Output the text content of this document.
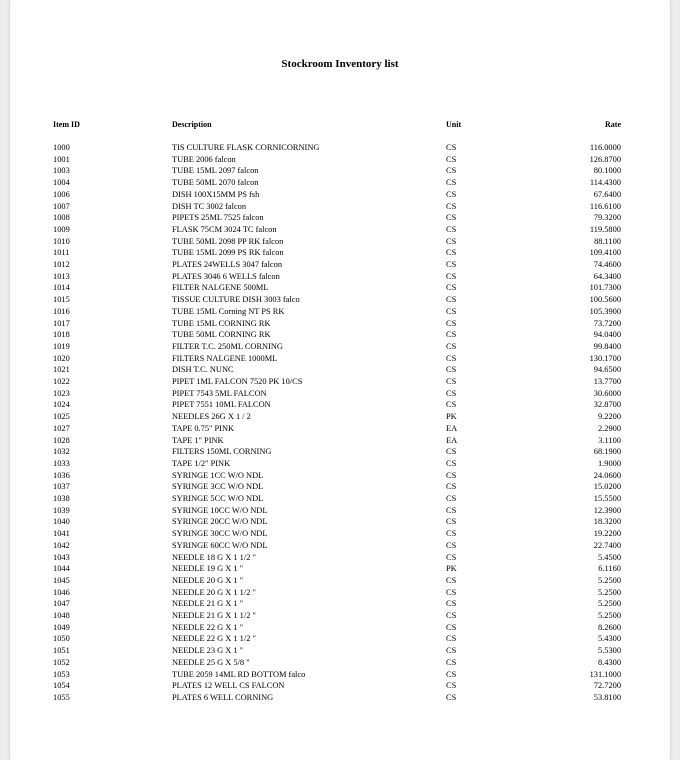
Stockroom Inventory list
Item ID	Description	Unit	Rate
1000	TIS CULTURE FLASK CORNICORNING	CS	116.0000
1001	TUBE 2006 falcon	CS	126.8700
1003	TUBE 15ML 2097 falcon	CS	80.1000
1004	TUBE 50ML 2070 falcon	CS	114.4300
1006	DISH 100X15MM PS fsh	CS	67.6400
1007	DISH TC 3002 falcon	CS	116.6100
1008	PIPETS 25ML 7525 falcon	CS	79.3200
1009	FLASK 75CM 3024 TC falcon	CS	119.5800
1010	TUBE 50ML 2098 PP RK falcon	CS	88.1100
1011	TUBE 15ML 2099 PS RK falcon	CS	109.4100
1012	PLATES 24WELLS 3047 falcon	CS	74.4600
1013	PLATES 3046 6 WELLS falcon	CS	64.3400
1014	FILTER NALGENE 500ML	CS	101.7300
1015	TISSUE CULTURE DISH 3003 falco	CS	100.5600
1016	TUBE 15ML Corning NT PS RK	CS	105.3900
1017	TUBE 15ML CORNING RK	CS	73.7200
1018	TUBE 50ML CORNING RK	CS	94.0400
1019	FILTER T.C. 250ML CORNING	CS	99.8400
1020	FILTERS NALGENE 1000ML	CS	130.1700
1021	DISH T.C. NUNC	CS	94.6500
1022	PIPET 1ML FALCON 7520 PK 10/CS	CS	13.7700
1023	PIPET 7543 5ML FALCON	CS	30.6000
1024	PIPET 7551 10ML FALCON	CS	32.8700
1025	NEEDLES 26G X 1 / 2	PK	9.2200
1027	TAPE 0.75" PINK	EA	2.2900
1028	TAPE 1" PINK	EA	3.1100
1032	FILTERS 150ML CORNING	CS	68.1900
1033	TAPE 1/2" PINK	CS	1.9000
1036	SYRINGE 1CC W/O NDL	CS	24.0600
1037	SYRINGE 3CC W/O NDL	CS	15.0200
1038	SYRINGE 5CC W/O NDL	CS	15.5500
1039	SYRINGE 10CC W/O NDL	CS	12.3900
1040	SYRINGE 20CC W/O NDL	CS	18.3200
1041	SYRINGE 30CC W/O NDL	CS	19.2200
1042	SYRINGE 60CC W/O NDL	CS	22.7400
1043	NEEDLE 18 G X 1 1/2 "	CS	5.4500
1044	NEEDLE 19 G X 1 "	PK	6.1160
1045	NEEDLE 20 G X 1 "	CS	5.2500
1046	NEEDLE 20 G X 1 1/2 "	CS	5.2500
1047	NEEDLE 21 G X 1 "	CS	5.2500
1048	NEEDLE 21 G X 1 1/2 "	CS	5.2500
1049	NEEDLE 22 G X 1 "	CS	8.2600
1050	NEEDLE 22 G X 1 1/2 "	CS	5.4300
1051	NEEDLE 23 G X 1 "	CS	5.5300
1052	NEEDLE 25 G X 5/8 "	CS	8.4300
1053	TUBE 2059 14ML RD BOTTOM falco	CS	131.1000
1054	PLATES 12 WELL CS FALCON	CS	72.7200
1055	PLATES 6 WELL CORNING	CS	53.8100
